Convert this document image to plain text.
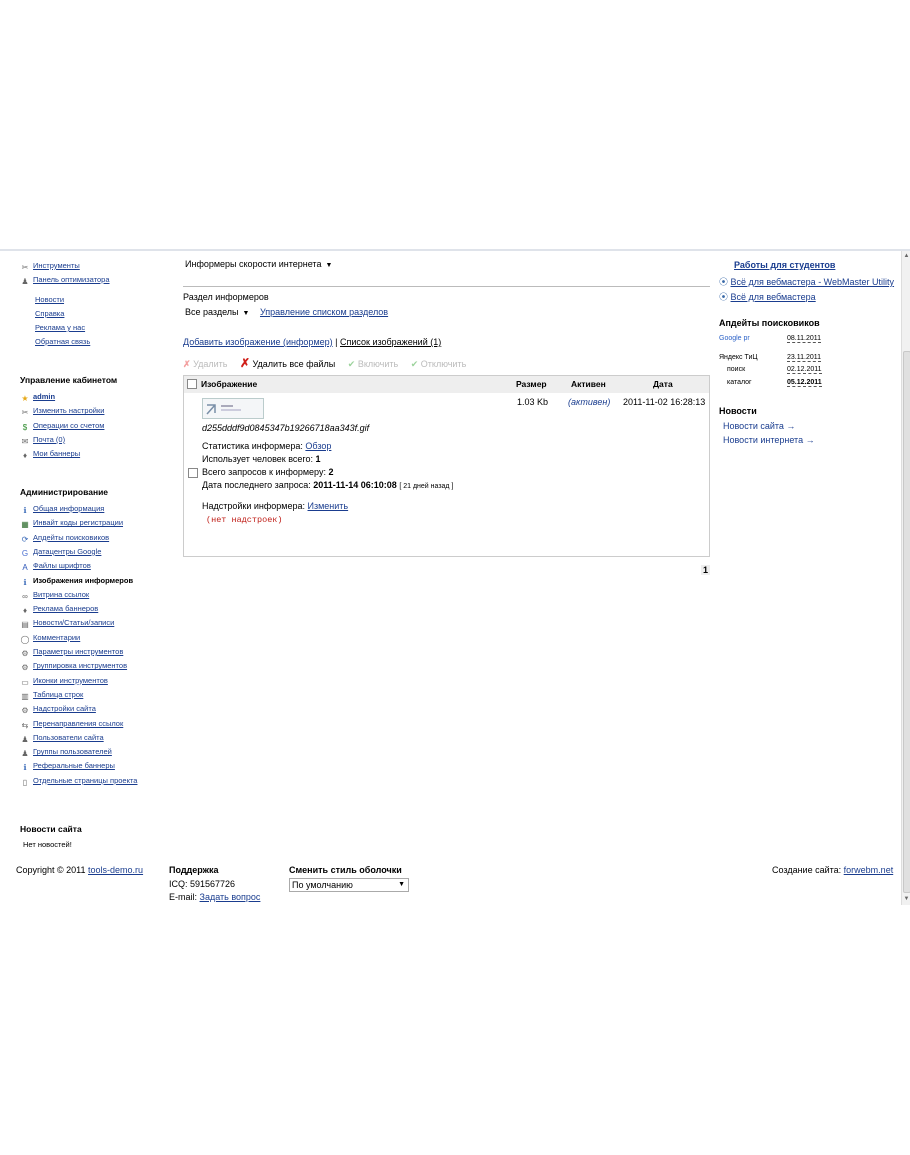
✂ Инструменты
♟ Панель оптимизатора
Новости
Справка
Реклама у нас
Обратная связь
Управление кабинетом
★ admin
✂ Изменить настройки
$ Операции со счетом
✉ Почта (0)
♦ Мои баннеры
Администрирование
ℹ Общая информация
▦ Инвайт коды регистрации
⟳ Апдейты поисковиков
G Датацентры Google
A Файлы шрифтов
ℹ Изображения информеров
∞ Витрина ссылок
♦ Реклама баннеров
▤ Новости/Статьи/записи
◯ Комментарии
⚙ Параметры инструментов
⚙ Группировка инструментов
▭ Иконки инструментов
▥ Таблица строк
⚙ Надстройки сайта
⇆ Перенаправления ссылок
♟ Пользователи сайта
♟ Группы пользователей
ℹ Реферальные баннеры
▯ Отдельные страницы проекта
Новости сайта
Нет новостей!
Информеры скорости интернета ▼
Раздел информеров
Все разделы ▼ Управление списком разделов
Добавить изображение (информер) | Список изображений (1)
✗ Удалить ✗ Удалить все файлы ✔ Включить ✔ Отключить
Изображение	Размер	Активен	Дата
d255dddf9d0845347b19266718aa343f.gif
1.03 Kb (активен) 2011-11-02 16:28:13
Статистика информера: Обзор
Использует человек всего: 1
Всего запросов к информеру: 2
Дата последнего запроса: 2011-11-14 06:10:08 [ 21 дней назад ]
Надстройки информера: Изменить
(нет надстроек)
1
Работы для студентов
⦿ Всё для вебмастера - WebMaster Utility
⦿ Всё для вебмастера
Апдейты поисковиков
Google pr	08.11.2011
Яндекс ТиЦ	23.11.2011
поиск	02.12.2011
каталог	05.12.2011
Новости
Новости сайта →
Новости интернета →
Copyright © 2011 tools-demo.ru	Поддержка
ICQ: 591567726
E-mail: Задать вопрос
Сменить стиль оболочки
По умолчанию	▼
Создание сайта: forwebm.net
▲
▼
